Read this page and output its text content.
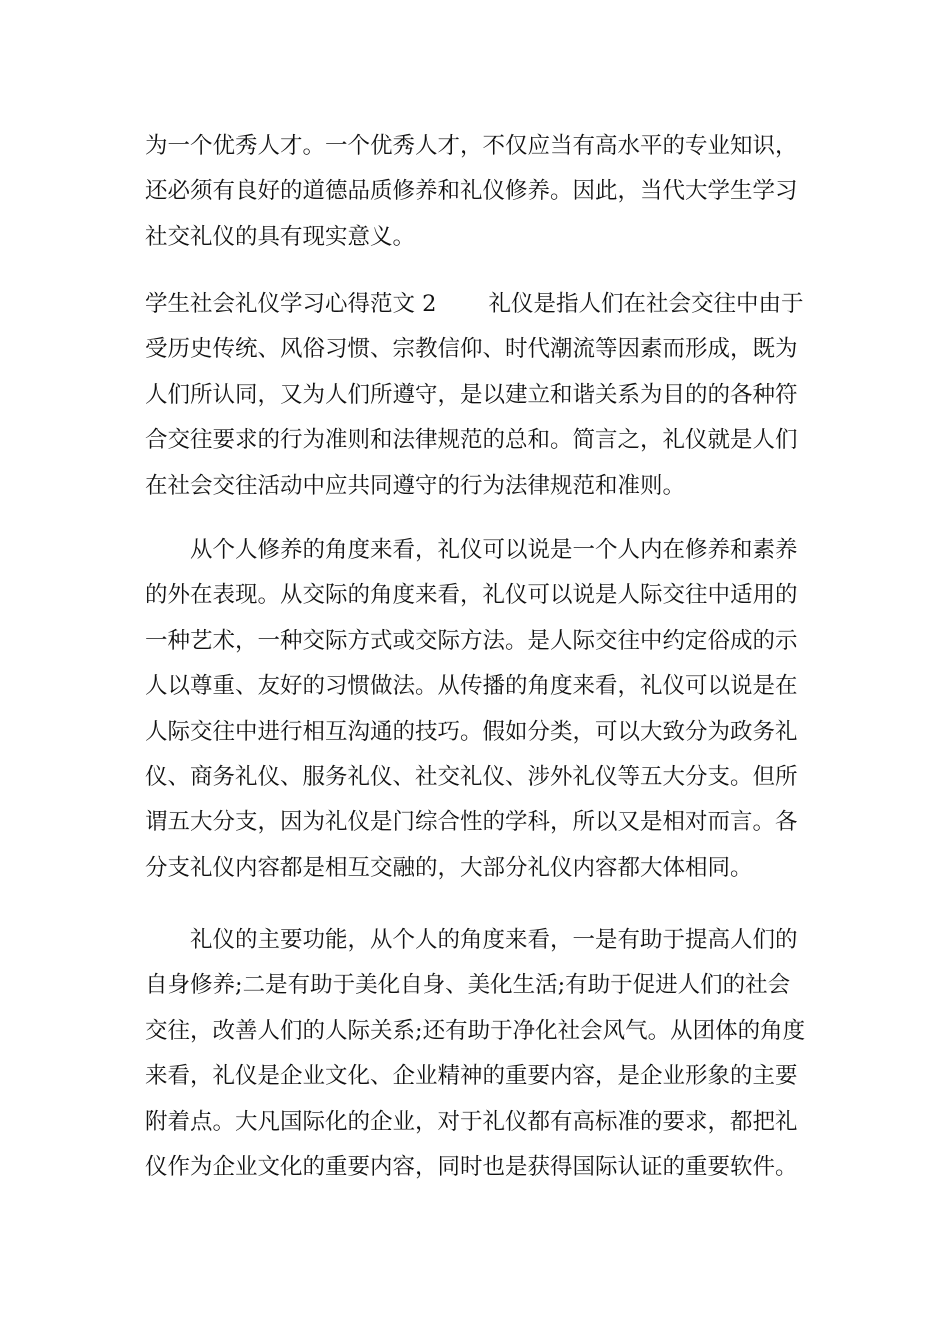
为一个优秀人才。一个优秀人才，不仅应当有高水平的专业知识，
还必须有良好的道德品质修养和礼仪修养。因此，当代大学生学习
社交礼仪的具有现实意义。
学生社会礼仪学习心得范文 2 礼仪是指人们在社会交往中由于
受历史传统、风俗习惯、宗教信仰、时代潮流等因素而形成，既为
人们所认同，又为人们所遵守，是以建立和谐关系为目的的各种符
合交往要求的行为准则和法律规范的总和。简言之，礼仪就是人们
在社会交往活动中应共同遵守的行为法律规范和准则。
　　从个人修养的角度来看，礼仪可以说是一个人内在修养和素养
的外在表现。从交际的角度来看，礼仪可以说是人际交往中适用的
一种艺术，一种交际方式或交际方法。是人际交往中约定俗成的示
人以尊重、友好的习惯做法。从传播的角度来看，礼仪可以说是在
人际交往中进行相互沟通的技巧。假如分类，可以大致分为政务礼
仪、商务礼仪、服务礼仪、社交礼仪、涉外礼仪等五大分支。但所
谓五大分支，因为礼仪是门综合性的学科，所以又是相对而言。各
分支礼仪内容都是相互交融的，大部分礼仪内容都大体相同。
　　礼仪的主要功能，从个人的角度来看，一是有助于提高人们的
自身修养;二是有助于美化自身、美化生活;有助于促进人们的社会
交往，改善人们的人际关系;还有助于净化社会风气。从团体的角度
来看，礼仪是企业文化、企业精神的重要内容，是企业形象的主要
附着点。大凡国际化的企业，对于礼仪都有高标准的要求，都把礼
仪作为企业文化的重要内容，同时也是获得国际认证的重要软件。
